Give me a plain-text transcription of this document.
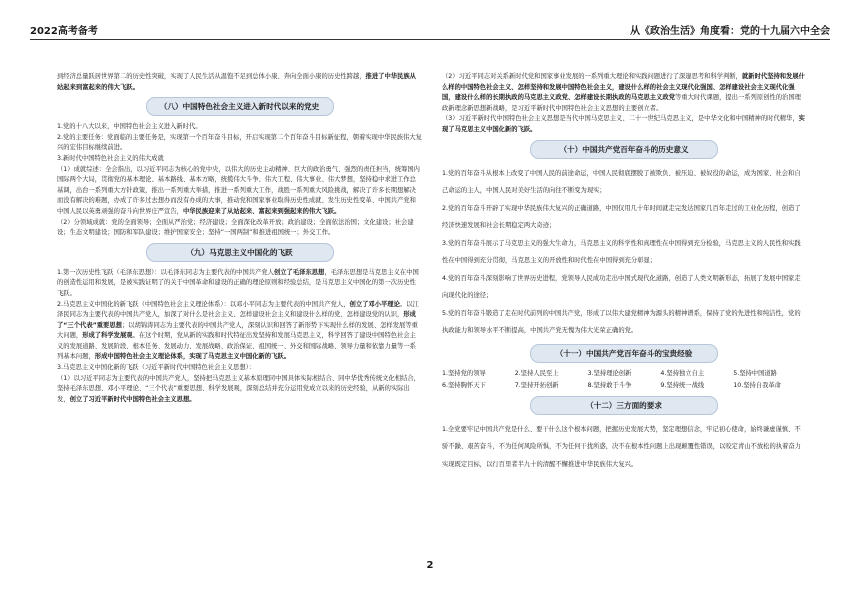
2022高考备考	从《政治生活》角度看：党的十九届六中全会

到经济总量跃居世界第二的历史性突破，实现了人民生活从温饱不足到总体小康、奔向全面小康的历史性跨越，推进了中华民族从站起来到富起来的伟大飞跃。

（八）中国特色社会主义进入新时代以来的党史

1.党的十八大以来，中国特色社会主义进入新时代。

2.党的主要任务：党面临的主要任务是，实现第一个百年奋斗目标，开启实现第二个百年奋斗目标新征程，朝着实现中华民族伟大复兴的宏伟目标继续前进。

3.新时代中国特色社会主义的伟大成就

（1）成就综述：全会指出，以习近平同志为核心的党中央，以伟大的历史主动精神、巨大的政治勇气、强烈的责任担当，统筹国内国际两个大局，贯彻党的基本理论、基本路线、基本方略，统揽伟大斗争、伟大工程、伟大事业、伟大梦想，坚持稳中求进工作总基调，出台一系列重大方针政策，推出一系列重大举措，推进一系列重大工作，战胜一系列重大风险挑战，解决了许多长期想解决而没有解决的难题，办成了许多过去想办而没有办成的大事，推动党和国家事业取得历史性成就、发生历史性变革、中国共产党和中国人民以英勇顽强的奋斗向世界庄严宣告，中华民族迎来了从站起来、富起来到强起来的伟大飞跃。

（2）分领域成就：党的全面领导；全面从严治党；经济建设；全面深化改革开放；政治建设；全面依法治国；文化建设；社会建设；生态文明建设；国防和军队建设；维护国家安全；坚持“一国两制”和推进祖国统一；外交工作。

（九）马克思主义中国化的飞跃

1.第一次历史性飞跃（毛泽东思想）：以毛泽东同志为主要代表的中国共产党人创立了毛泽东思想，毛泽东思想是马克思主义在中国的创造性运用和发展，是被实践证明了的关于中国革命和建设的正确的理论原则和经验总结，是马克思主义中国化的第一次历史性飞跃。

2.马克思主义中国化的新飞跃（中国特色社会主义理论体系）：以邓小平同志为主要代表的中国共产党人，创立了邓小平理论。以江泽民同志为主要代表的中国共产党人，加深了对什么是社会主义、怎样建设社会主义和建设什么样的党、怎样建设党的认识，形成了“三个代表”重要思想；以胡锦涛同志为主要代表的中国共产党人，深刻认识和回答了新形势下实现什么样的发展、怎样发展等重大问题，形成了科学发展观。在这个时期，党从新的实践和时代特征出发坚持和发展马克思主义，科学回答了建设中国特色社会主义的发展道路、发展阶段、根本任务、发展动力、发展战略、政治保证、祖国统一、外交和国际战略、领导力量和依靠力量等一系列基本问题，形成中国特色社会主义理论体系，实现了马克思主义中国化新的飞跃。

3.马克思主义中国化新的飞跃（习近平新时代中国特色社会主义思想）：

（1）以习近平同志为主要代表的中国共产党人，坚持把马克思主义基本原理同中国具体实际相结合、同中华优秀传统文化相结合，坚持毛泽东思想、邓小平理论、“三个代表”重要思想、科学发展观，深刻总结并充分运用党成立以来的历史经验，从新的实际出发，创立了习近平新时代中国特色社会主义思想。

（2）习近平同志对关系新时代党和国家事业发展的一系列重大理论和实践问题进行了深邃思考和科学判断，就新时代坚持和发展什么样的中国特色社会主义、怎样坚持和发展中国特色社会主义，建设什么样的社会主义现代化强国、怎样建设社会主义现代化强国，建设什么样的长期执政的马克思主义政党、怎样建设长期执政的马克思主义政党等重大时代课题，提出一系列原创性的治国理政新理念新思想新战略，是习近平新时代中国特色社会主义思想的主要创立者。

（3）习近平新时代中国特色社会主义思想是当代中国马克思主义、二十一世纪马克思主义，是中华文化和中国精神的时代精华，实现了马克思主义中国化新的飞跃。

（十）中国共产党百年奋斗的历史意义

1.党的百年奋斗从根本上改变了中国人民的前途命运，中国人民彻底摆脱了被欺负、被压迫、被奴役的命运，成为国家、社会和自己命运的主人，中国人民对美好生活的向往不断变为现实；

2.党的百年奋斗开辟了实现中华民族伟大复兴的正确道路，中国仅用几十年时间就走完发达国家几百年走过的工业化历程，创造了经济快速发展和社会长期稳定两大奇迹；

3.党的百年奋斗展示了马克思主义的强大生命力，马克思主义的科学性和真理性在中国得到充分检验，马克思主义的人民性和实践性在中国得到充分贯彻，马克思主义的开放性和时代性在中国得到充分彰显；

4.党的百年奋斗深刻影响了世界历史进程，党领导人民成功走出中国式现代化道路，创造了人类文明新形态，拓展了发展中国家走向现代化的途径；

5.党的百年奋斗锻造了走在时代前列的中国共产党，形成了以伟大建党精神为源头的精神谱系，保持了党的先进性和纯洁性，党的执政能力和领导水平不断提高，中国共产党无愧为伟大光荣正确的党。

（十一）中国共产党百年奋斗的宝贵经验
1.坚持党的领导	2.坚持人民至上	3.坚持理论创新	4.坚持独立自主	5.坚持中国道路
6.坚持胸怀天下	7.坚持开拓创新	8.坚持敢于斗争	9.坚持统一战线	10.坚持自我革命
（十二）三方面的要求

1.全党要牢记中国共产党是什么、要干什么这个根本问题，把握历史发展大势，坚定理想信念，牢记初心使命，始终谦虚谨慎、不骄不躁、艰苦奋斗，不为任何风险所惧，不为任何干扰所惑，决不在根本性问题上出现颠覆性错误，以咬定青山不放松的执着奋力实现既定目标，以行百里者半九十的清醒不懈推进中华民族伟大复兴。

2
